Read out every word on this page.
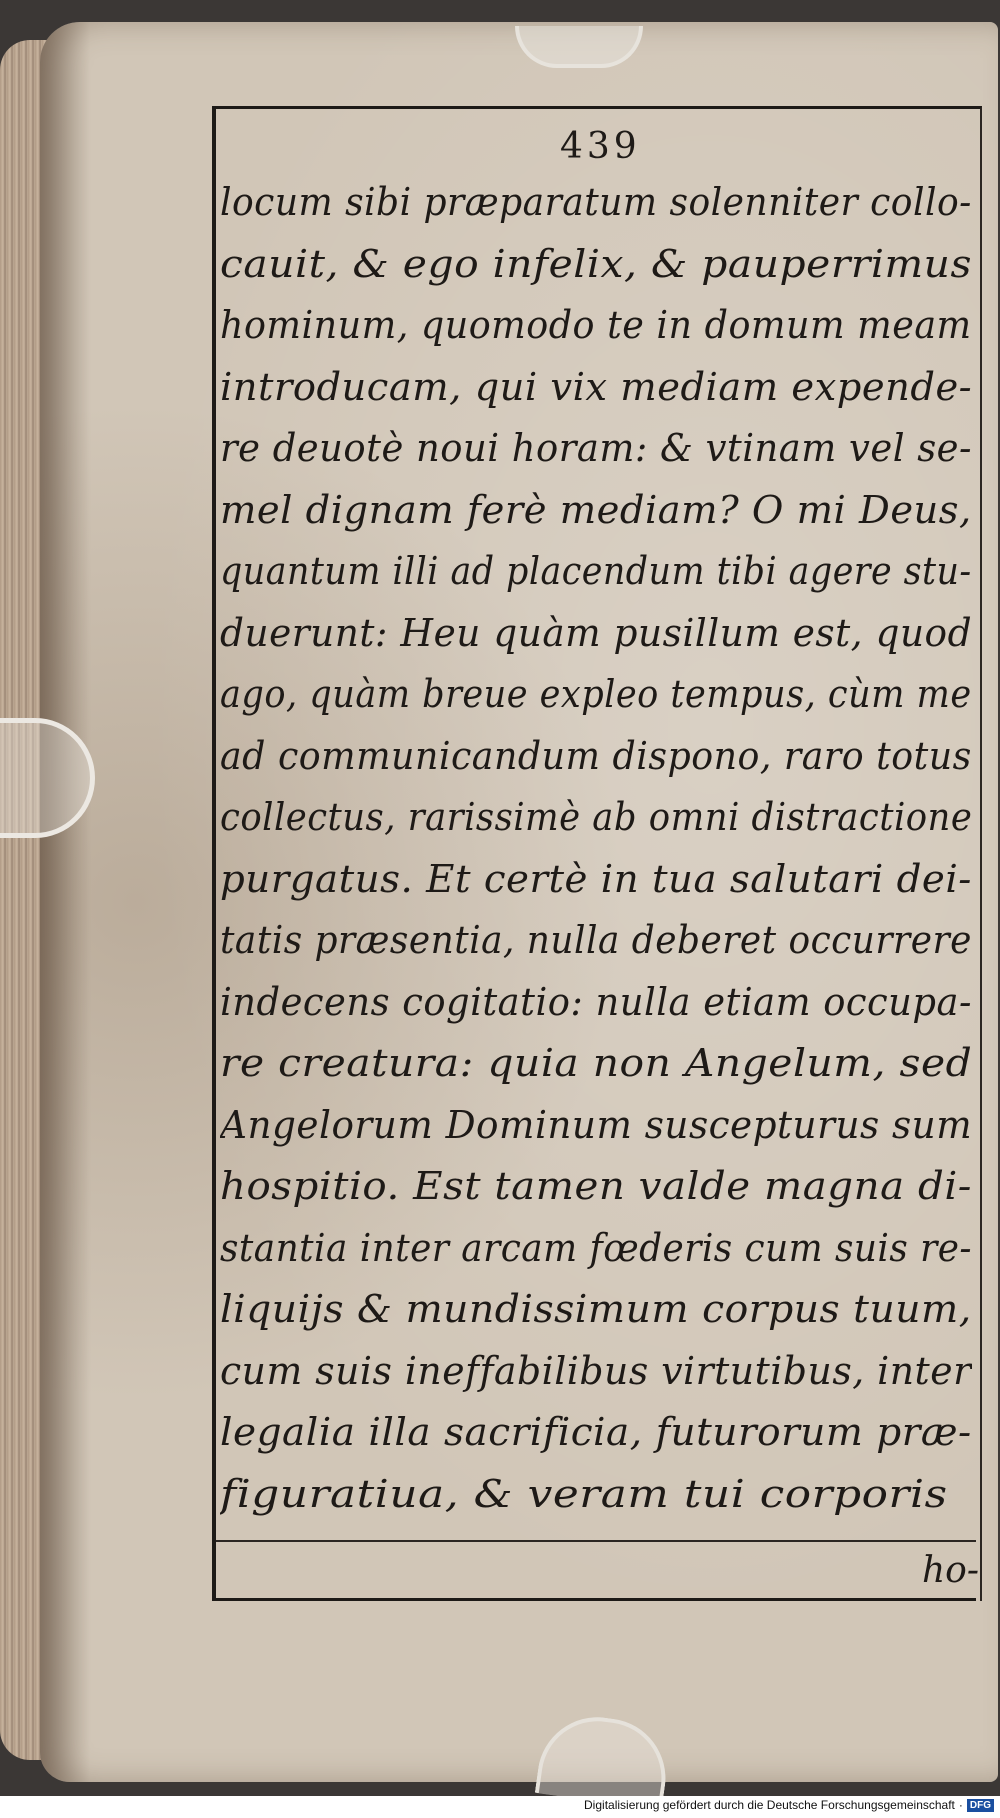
439
locum sibi præparatum solenniter collo-
cauit, & ego infelix, & pauperrimus
hominum, quomodo te in domum meam
introducam, qui vix mediam expende-
re deuotè noui horam: & vtinam vel se-
mel dignam ferè mediam? O mi Deus,
quantum illi ad placendum tibi agere stu-
duerunt: Heu quàm pusillum est, quod
ago, quàm breue expleo tempus, cùm me
ad communicandum dispono, raro totus
collectus, rarissimè ab omni distractione
purgatus. Et certè in tua salutari dei-
tatis præsentia, nulla deberet occurrere
indecens cogitatio: nulla etiam occupa-
re creatura: quia non Angelum, sed
Angelorum Dominum suscepturus sum
hospitio. Est tamen valde magna di-
stantia inter arcam fœderis cum suis re-
liquijs & mundissimum corpus tuum,
cum suis ineffabilibus virtutibus, inter
legalia illa sacrificia, futurorum præ-
figuratiua, & veram tui corporis
ho-
Digitalisierung gefördert durch die Deutsche Forschungsgemeinschaft · DFG
